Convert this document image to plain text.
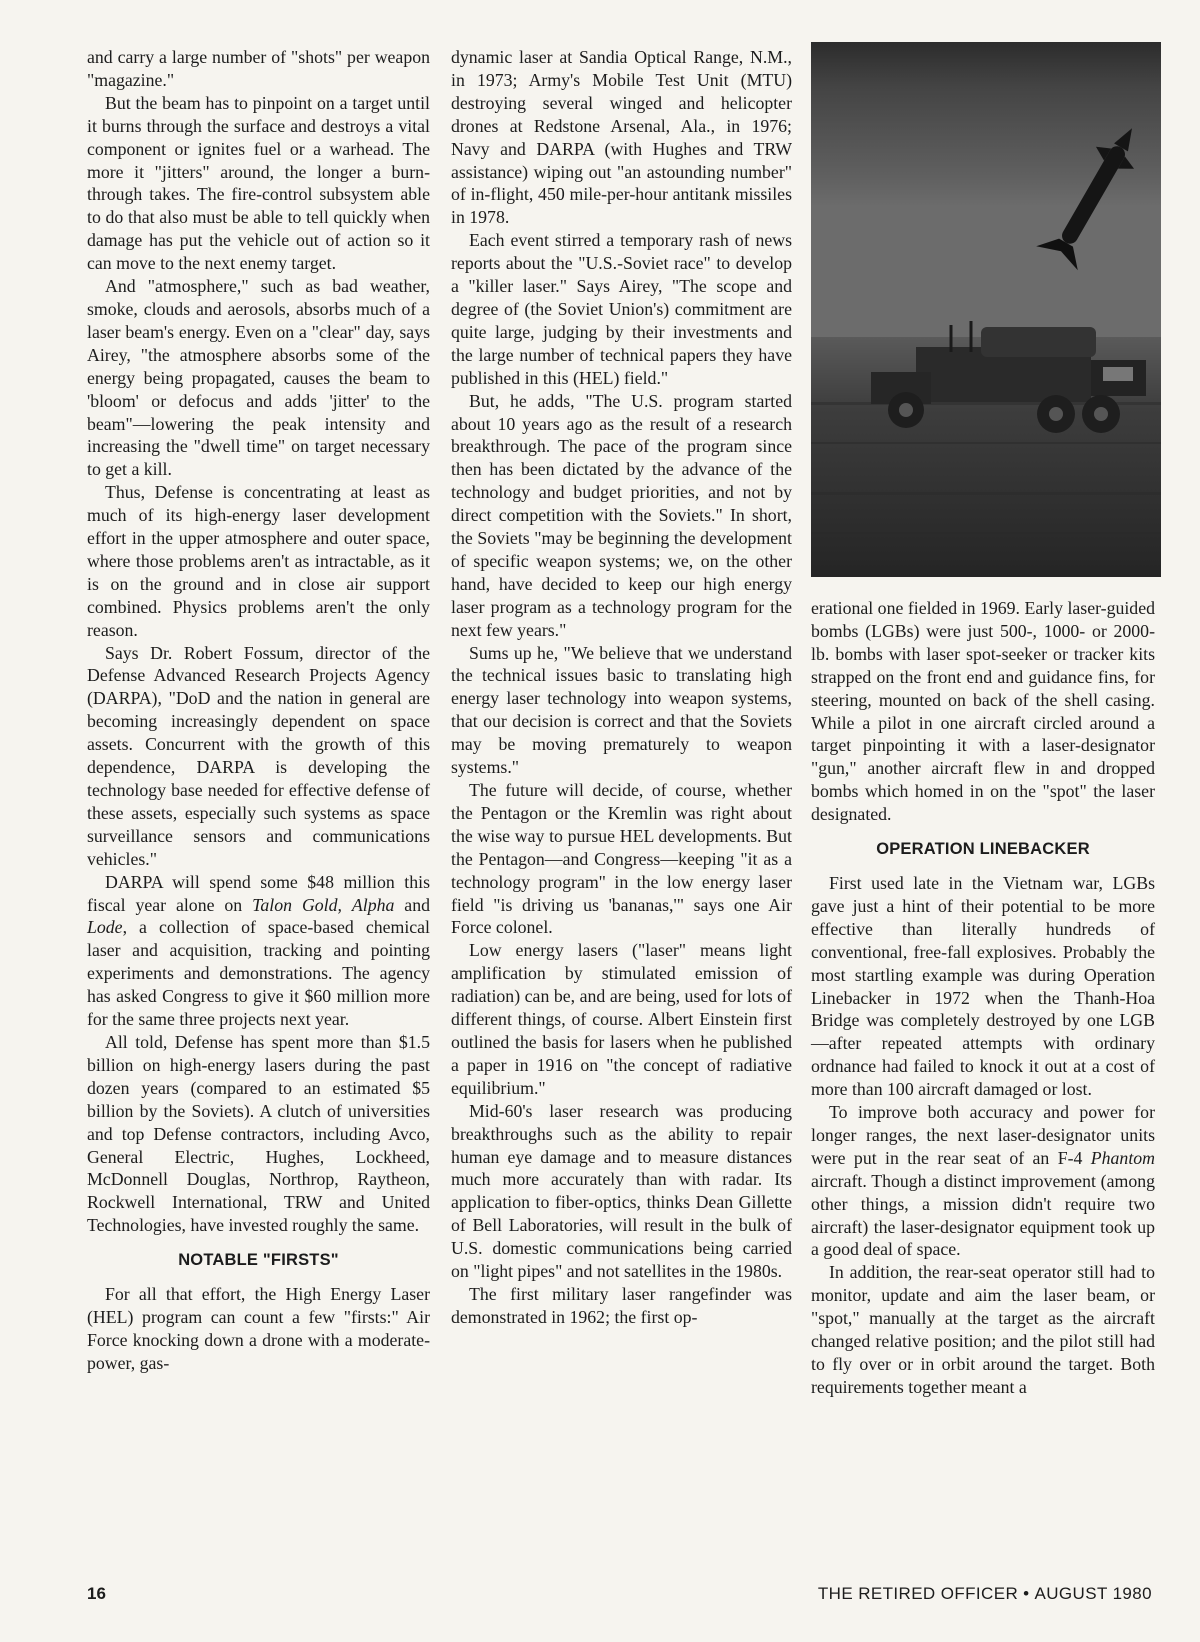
and carry a large number of "shots" per weapon "magazine."

But the beam has to pinpoint on a target until it burns through the surface and destroys a vital component or ignites fuel or a warhead. The more it "jitters" around, the longer a burn-through takes. The fire-control subsystem able to do that also must be able to tell quickly when damage has put the vehicle out of action so it can move to the next enemy target.

And "atmosphere," such as bad weather, smoke, clouds and aerosols, absorbs much of a laser beam's energy. Even on a "clear" day, says Airey, "the atmosphere absorbs some of the energy being propagated, causes the beam to 'bloom' or defocus and adds 'jitter' to the beam"—lowering the peak intensity and increasing the "dwell time" on target necessary to get a kill.

Thus, Defense is concentrating at least as much of its high-energy laser development effort in the upper atmosphere and outer space, where those problems aren't as intractable, as it is on the ground and in close air support combined. Physics problems aren't the only reason.

Says Dr. Robert Fossum, director of the Defense Advanced Research Projects Agency (DARPA), "DoD and the nation in general are becoming increasingly dependent on space assets. Concurrent with the growth of this dependence, DARPA is developing the technology base needed for effective defense of these assets, especially such systems as space surveillance sensors and communications vehicles."

DARPA will spend some $48 million this fiscal year alone on Talon Gold, Alpha and Lode, a collection of space-based chemical laser and acquisition, tracking and pointing experiments and demonstrations. The agency has asked Congress to give it $60 million more for the same three projects next year.

All told, Defense has spent more than $1.5 billion on high-energy lasers during the past dozen years (compared to an estimated $5 billion by the Soviets). A clutch of universities and top Defense contractors, including Avco, General Electric, Hughes, Lockheed, McDonnell Douglas, Northrop, Raytheon, Rockwell International, TRW and United Technologies, have invested roughly the same.

NOTABLE "FIRSTS"

For all that effort, the High Energy Laser (HEL) program can count a few "firsts:" Air Force knocking down a drone with a moderate-power, gas-

dynamic laser at Sandia Optical Range, N.M., in 1973; Army's Mobile Test Unit (MTU) destroying several winged and helicopter drones at Redstone Arsenal, Ala., in 1976; Navy and DARPA (with Hughes and TRW assistance) wiping out "an astounding number" of in-flight, 450 mile-per-hour antitank missiles in 1978.

Each event stirred a temporary rash of news reports about the "U.S.-Soviet race" to develop a "killer laser." Says Airey, "The scope and degree of (the Soviet Union's) commitment are quite large, judging by their investments and the large number of technical papers they have published in this (HEL) field."

But, he adds, "The U.S. program started about 10 years ago as the result of a research breakthrough. The pace of the program since then has been dictated by the advance of the technology and budget priorities, and not by direct competition with the Soviets." In short, the Soviets "may be beginning the development of specific weapon systems; we, on the other hand, have decided to keep our high energy laser program as a technology program for the next few years."

Sums up he, "We believe that we understand the technical issues basic to translating high energy laser technology into weapon systems, that our decision is correct and that the Soviets may be moving prematurely to weapon systems."

The future will decide, of course, whether the Pentagon or the Kremlin was right about the wise way to pursue HEL developments. But the Pentagon—and Congress—keeping "it as a technology program" in the low energy laser field "is driving us 'bananas,'" says one Air Force colonel.

Low energy lasers ("laser" means light amplification by stimulated emission of radiation) can be, and are being, used for lots of different things, of course. Albert Einstein first outlined the basis for lasers when he published a paper in 1916 on "the concept of radiative equilibrium."

Mid-60's laser research was producing breakthroughs such as the ability to repair human eye damage and to measure distances much more accurately than with radar. Its application to fiber-optics, thinks Dean Gillette of Bell Laboratories, will result in the bulk of U.S. domestic communications being carried on "light pipes" and not satellites in the 1980s.

The first military laser rangefinder was demonstrated in 1962; the first op-

erational one fielded in 1969. Early laser-guided bombs (LGBs) were just 500-, 1000- or 2000-lb. bombs with laser spot-seeker or tracker kits strapped on the front end and guidance fins, for steering, mounted on back of the shell casing. While a pilot in one aircraft circled around a target pinpointing it with a laser-designator "gun," another aircraft flew in and dropped bombs which homed in on the "spot" the laser designated.

OPERATION LINEBACKER

First used late in the Vietnam war, LGBs gave just a hint of their potential to be more effective than literally hundreds of conventional, free-fall explosives. Probably the most startling example was during Operation Linebacker in 1972 when the Thanh-Hoa Bridge was completely destroyed by one LGB—after repeated attempts with ordinary ordnance had failed to knock it out at a cost of more than 100 aircraft damaged or lost.

To improve both accuracy and power for longer ranges, the next laser-designator units were put in the rear seat of an F-4 Phantom aircraft. Though a distinct improvement (among other things, a mission didn't require two aircraft) the laser-designator equipment took up a good deal of space.

In addition, the rear-seat operator still had to monitor, update and aim the laser beam, or "spot," manually at the target as the aircraft changed relative position; and the pilot still had to fly over or in orbit around the target. Both requirements together meant a

16	THE RETIRED OFFICER • AUGUST 1980
